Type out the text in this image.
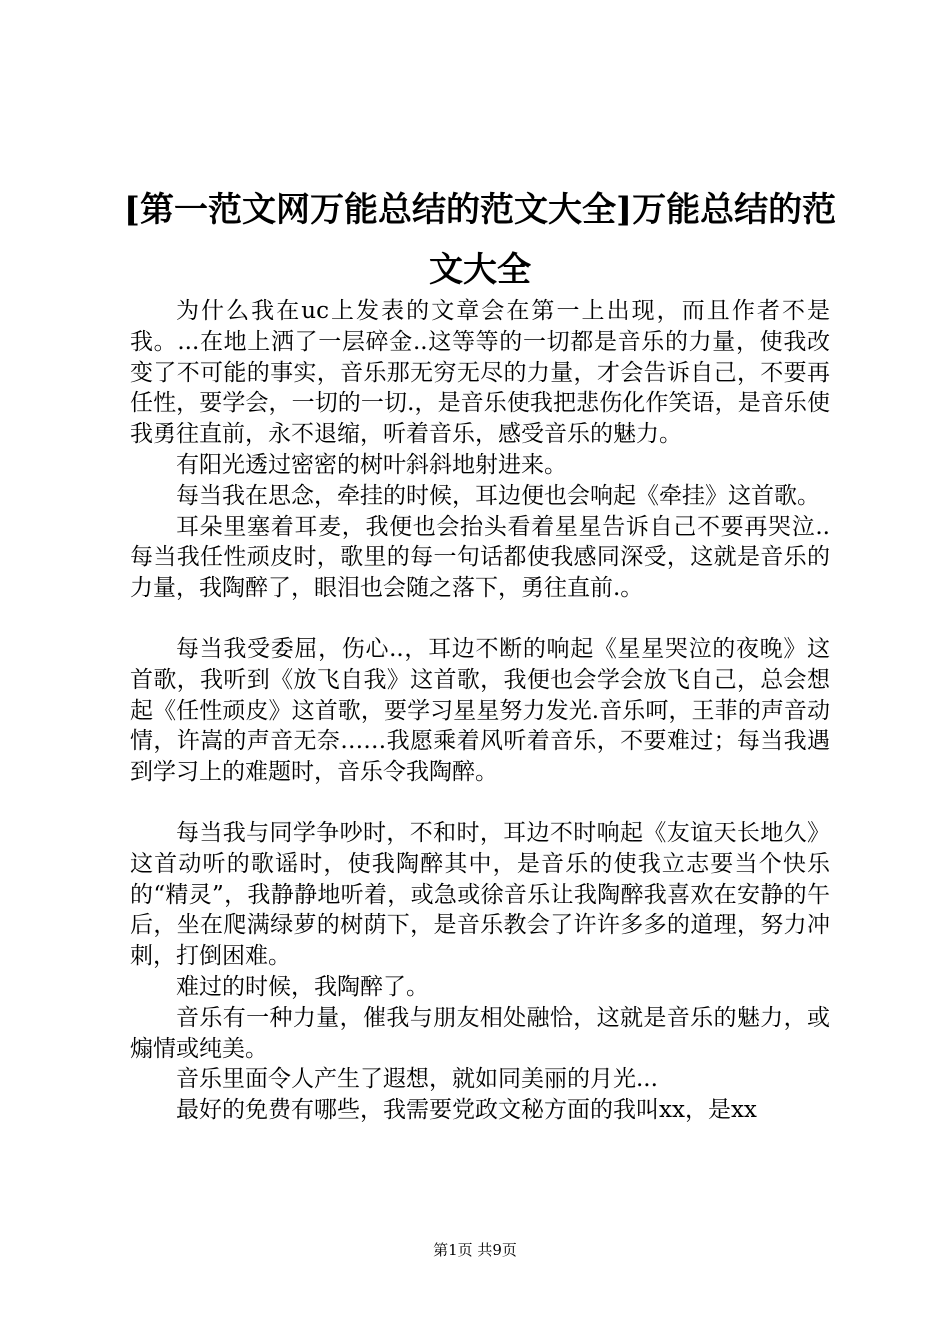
[第一范文网万能总结的范文大全]万能总结的范文大全

为什么我在uc上发表的文章会在第一上出现，而且作者不是我。...在地上洒了一层碎金..这等等的一切都是音乐的力量，使我改变了不可能的事实，音乐那无穷无尽的力量，才会告诉自己，不要再任性，要学会，一切的一切.，是音乐使我把悲伤化作笑语，是音乐使我勇往直前，永不退缩，听着音乐，感受音乐的魅力。

有阳光透过密密的树叶斜斜地射进来。

每当我在思念，牵挂的时候，耳边便也会响起《牵挂》这首歌。

耳朵里塞着耳麦，我便也会抬头看着星星告诉自己不要再哭泣..每当我任性顽皮时，歌里的每一句话都使我感同深受，这就是音乐的力量，我陶醉了，眼泪也会随之落下，勇往直前.。

每当我受委屈，伤心..，耳边不断的响起《星星哭泣的夜晚》这首歌，我听到《放飞自我》这首歌，我便也会学会放飞自己，总会想起《任性顽皮》这首歌，要学习星星努力发光.音乐呵，王菲的声音动情，许嵩的声音无奈……我愿乘着风听着音乐，不要难过；每当我遇到学习上的难题时，音乐令我陶醉。

每当我与同学争吵时，不和时，耳边不时响起《友谊天长地久》这首动听的歌谣时，使我陶醉其中，是音乐的使我立志要当个快乐的“精灵”，我静静地听着，或急或徐音乐让我陶醉我喜欢在安静的午后，坐在爬满绿萝的树荫下，是音乐教会了许许多多的道理，努力冲刺，打倒困难。

难过的时候，我陶醉了。

音乐有一种力量，催我与朋友相处融恰，这就是音乐的魅力，或煽情或纯美。

音乐里面令人产生了遐想，就如同美丽的月光...

最好的免费有哪些，我需要党政文秘方面的我叫xx，是xx

第1页 共9页
